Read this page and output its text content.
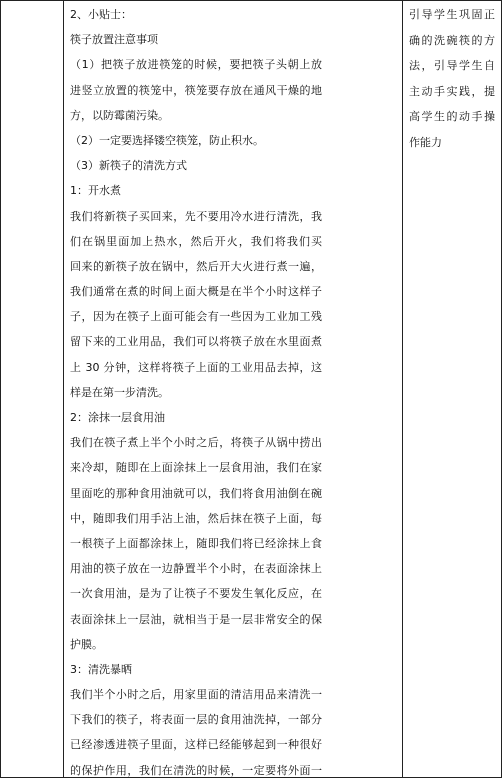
2、小贴士：
筷子放置注意事项
（1）把筷子放进筷笼的时候，要把筷子头朝上放
进竖立放置的筷笼中，筷笼要存放在通风干燥的地
方，以防霉菌污染。
（2）一定要选择镂空筷笼，防止积水。
（3）新筷子的清洗方式
1：开水煮
我们将新筷子买回来，先不要用冷水进行清洗，我
们在锅里面加上热水，然后开火，我们将我们买
回来的新筷子放在锅中，然后开大火进行煮一遍，
我们通常在煮的时间上面大概是在半个小时这样子
子，因为在筷子上面可能会有一些因为工业加工残
留下来的工业用品，我们可以将筷子放在水里面煮
上 30 分钟，这样将筷子上面的工业用品去掉，这
样是在第一步清洗。
2：涂抹一层食用油
我们在筷子煮上半个小时之后，将筷子从锅中捞出
来冷却，随即在上面涂抹上一层食用油，我们在家
里面吃的那种食用油就可以，我们将食用油倒在碗
中，随即我们用手沾上油，然后抹在筷子上面，每
一根筷子上面都涂抹上，随即我们将已经涂抹上食
用油的筷子放在一边静置半个小时，在表面涂抹上
一次食用油，是为了让筷子不要发生氧化反应，在
表面涂抹上一层油，就相当于是一层非常安全的保
护膜。
3：清洗暴晒
我们半个小时之后，用家里面的清洁用品来清洗一
下我们的筷子，将表面一层的食用油洗掉，一部分
已经渗透进筷子里面，这样已经能够起到一种很好
的保护作用，我们在清洗的时候，一定要将外面一
引导学生巩固正
确的洗碗筷的方
法，引导学生自
主动手实践，提
高学生的动手操
作能力
